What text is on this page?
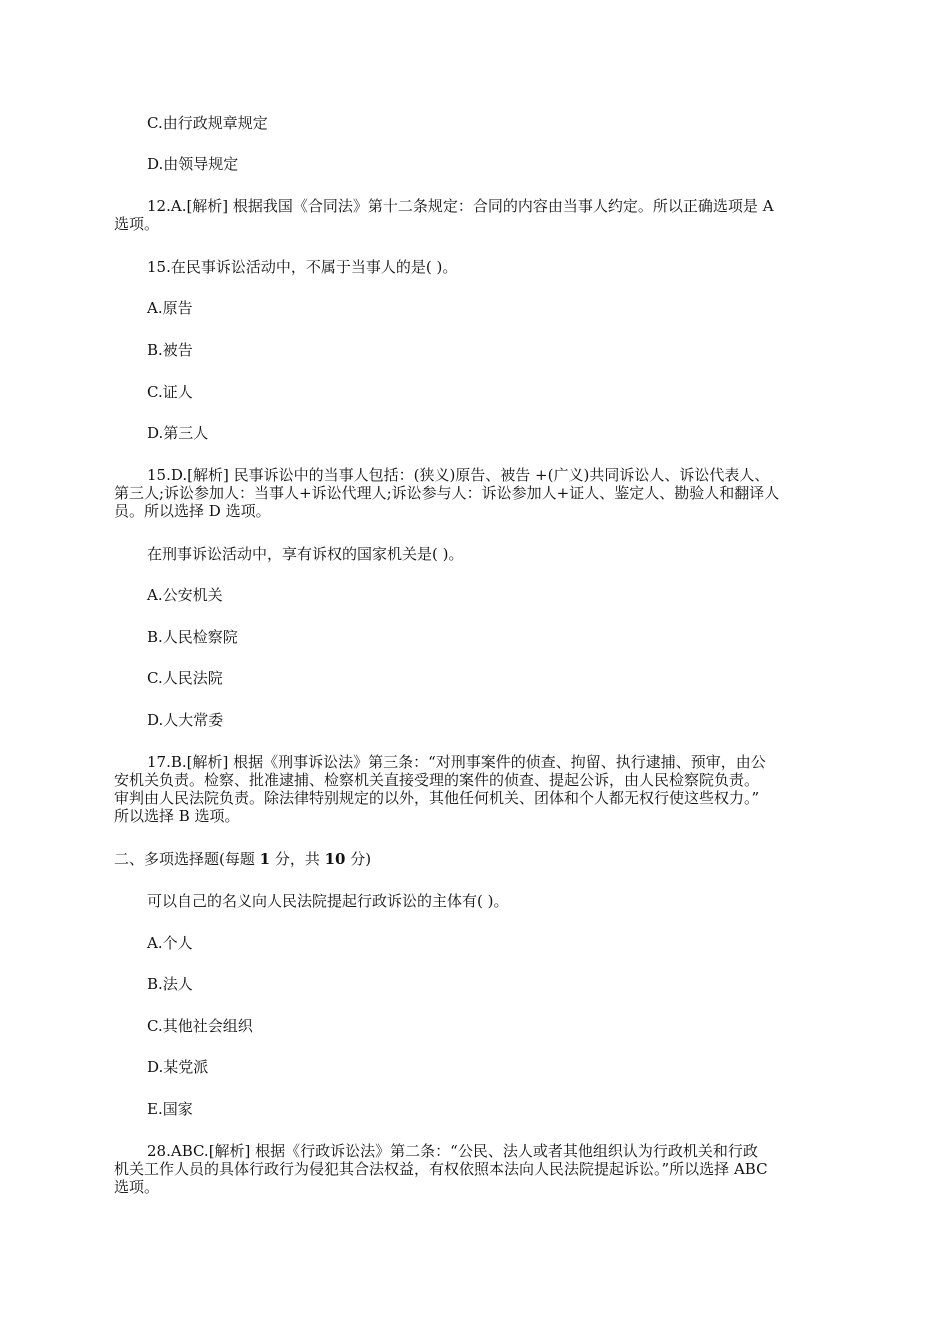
C.由行政规章规定
D.由领导规定
12.A.[解析] 根据我国《合同法》第十二条规定：合同的内容由当事人约定。所以正确选项是 A
选项。
15.在民事诉讼活动中，不属于当事人的是( )。
A.原告
B.被告
C.证人
D.第三人
15.D.[解析] 民事诉讼中的当事人包括：(狭义)原告、被告 +(广义)共同诉讼人、诉讼代表人、
第三人;诉讼参加人：当事人+诉讼代理人;诉讼参与人：诉讼参加人+证人、鉴定人、勘验人和翻译人
员。所以选择 D 选项。
在刑事诉讼活动中，享有诉权的国家机关是( )。
A.公安机关
B.人民检察院
C.人民法院
D.人大常委
17.B.[解析] 根据《刑事诉讼法》第三条：“对刑事案件的侦查、拘留、执行逮捕、预审，由公
安机关负责。检察、批准逮捕、检察机关直接受理的案件的侦查、提起公诉，由人民检察院负责。
审判由人民法院负责。除法律特别规定的以外，其他任何机关、团体和个人都无权行使这些权力。”
所以选择 B 选项。
二、多项选择题(每题 1 分，共 10 分)
可以自己的名义向人民法院提起行政诉讼的主体有( )。
A.个人
B.法人
C.其他社会组织
D.某党派
E.国家
28.ABC.[解析] 根据《行政诉讼法》第二条：“公民、法人或者其他组织认为行政机关和行政
机关工作人员的具体行政行为侵犯其合法权益，有权依照本法向人民法院提起诉讼。”所以选择 ABC
选项。
